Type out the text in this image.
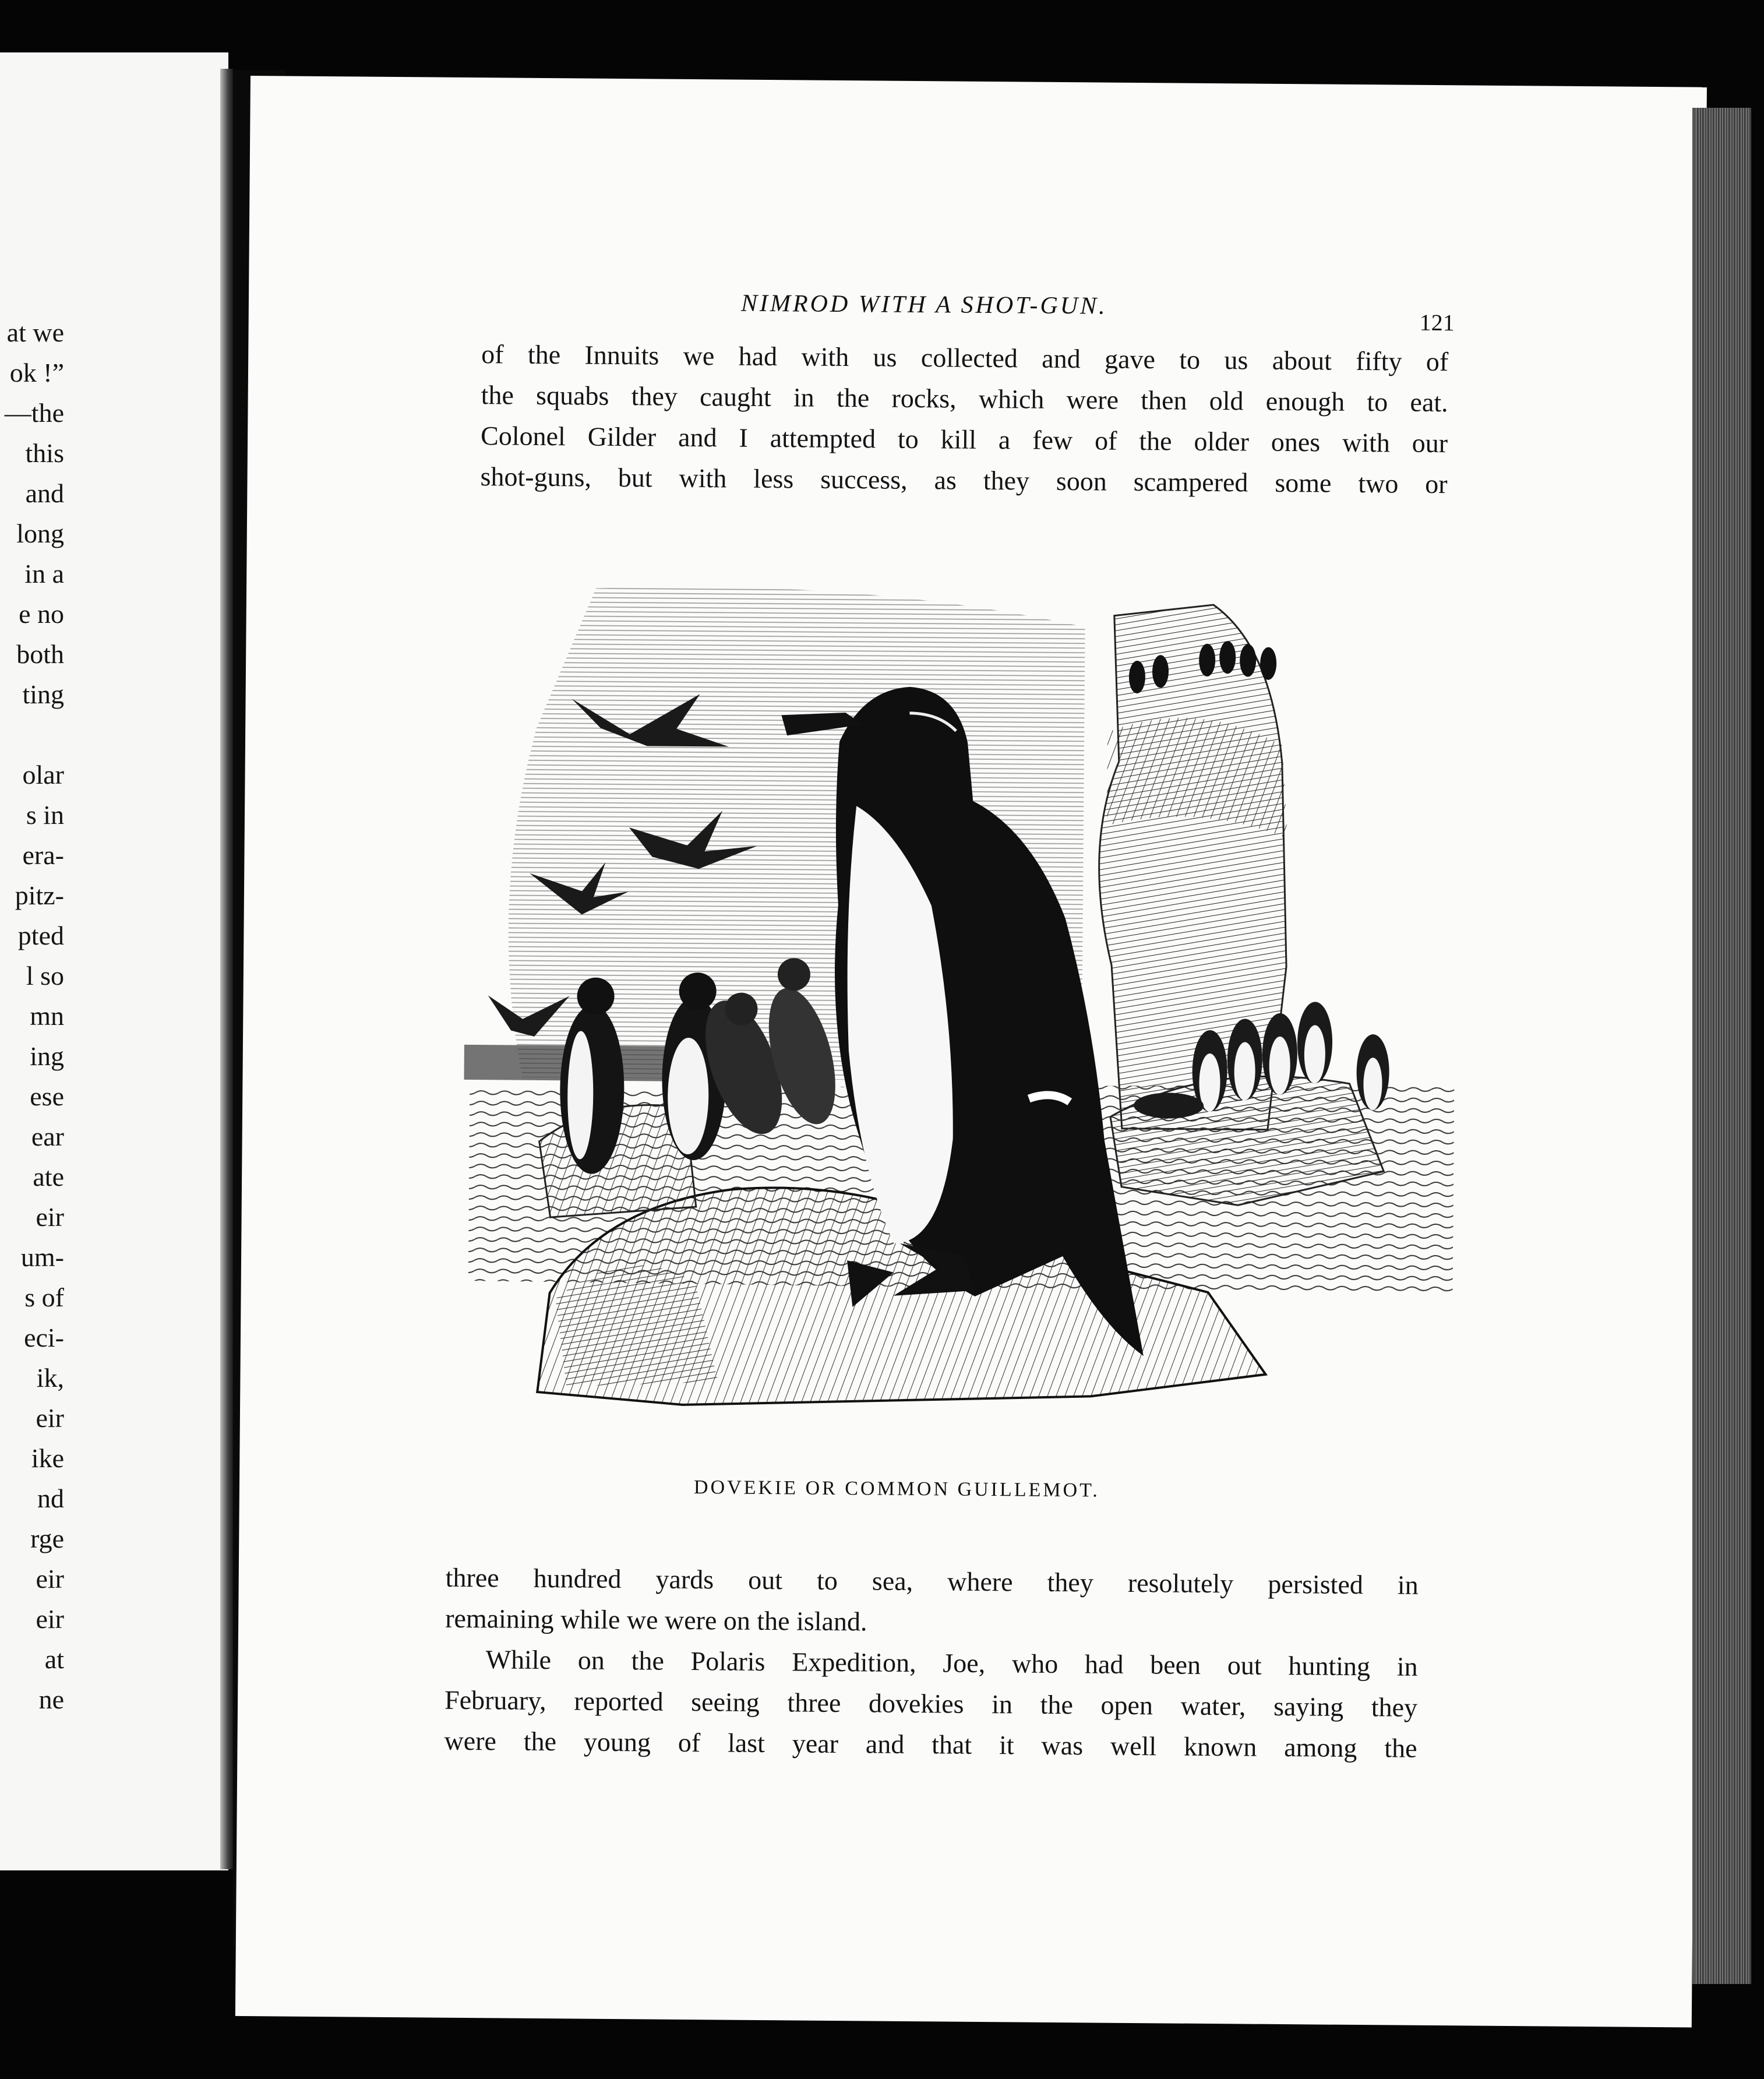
at we
ok !”
—the
this
and
long
in a
e no
both
ting
olar
s in
era-
pitz-
pted
l so
mn
ing
ese
ear
ate
eir
um-
s of
eci-
ik,
eir
ike
nd
rge
eir
eir
at
ne
NIMROD WITH A SHOT-GUN.
121
of the Innuits we had with us collected and gave to us about fifty of
the squabs they caught in the rocks, which were then old enough to eat.
Colonel Gilder and I attempted to kill a few of the older ones with our
shot-guns, but with less success, as they soon scampered some two or
DOVEKIE OR COMMON GUILLEMOT.
three hundred yards out to sea, where they resolutely persisted in
remaining while we were on the island.
While on the Polaris Expedition, Joe, who had been out hunting in
February, reported seeing three dovekies in the open water, saying they
were the young of last year and that it was well known among the
